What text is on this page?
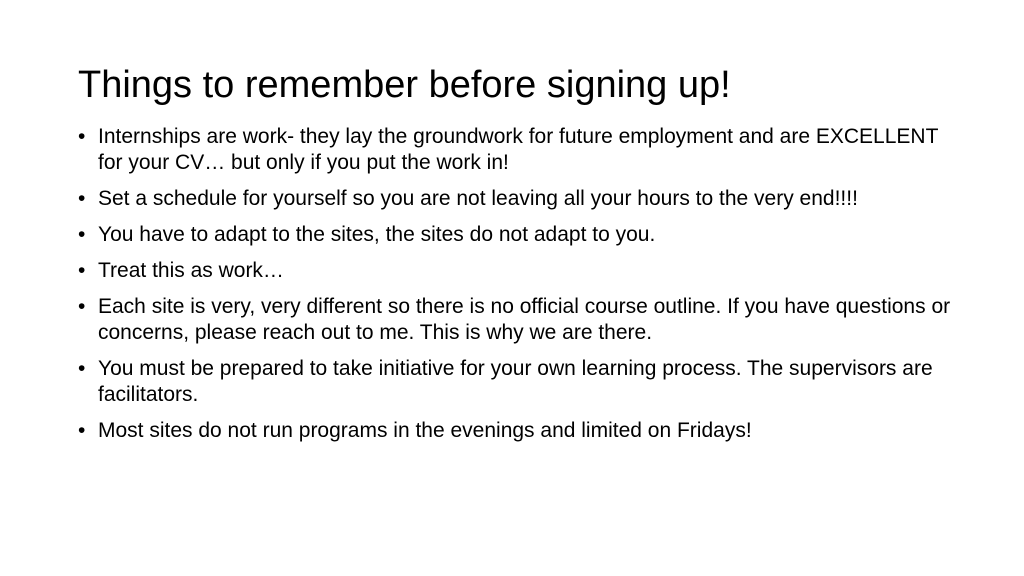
Things to remember before signing up!
• Internships are work- they lay the groundwork for future employment and are EXCELLENT for your CV… but only if you put the work in!
• Set a schedule for yourself so you are not leaving all your hours to the very end!!!!
• You have to adapt to the sites, the sites do not adapt to you.
• Treat this as work…
• Each site is very, very different so there is no official course outline. If you have questions or concerns, please reach out to me. This is why we are there.
• You must be prepared to take initiative for your own learning process. The supervisors are facilitators.
• Most sites do not run programs in the evenings and limited on Fridays!
